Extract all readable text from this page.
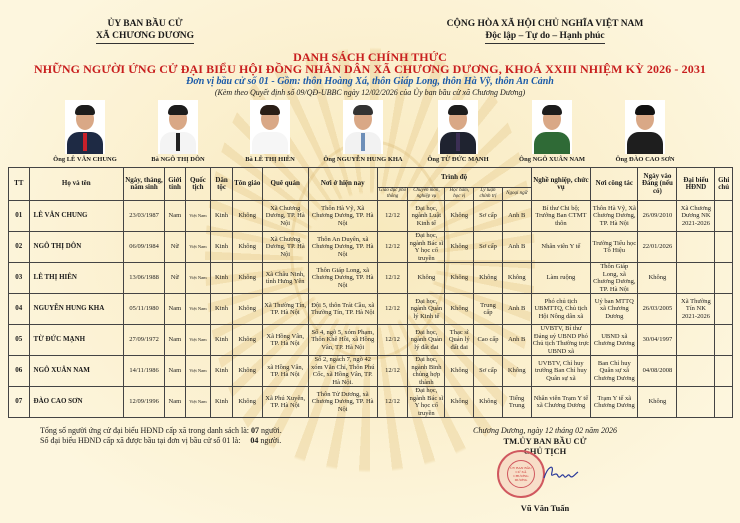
ỦY BAN BẦU CỬ
XÃ CHƯƠNG DƯƠNG
CỘNG HÒA XÃ HỘI CHỦ NGHĨA VIỆT NAM
Độc lập – Tự do – Hạnh phúc
DANH SÁCH CHÍNH THỨC
NHỮNG NGƯỜI ỨNG CỬ ĐẠI BIỂU HỘI ĐỒNG NHÂN DÂN XÃ CHƯƠNG DƯƠNG, KHOÁ XXIII NHIỆM KỲ 2026 - 2031
Đơn vị bầu cử số 01 - Gồm: thôn Hoàng Xá, thôn Giáp Long, thôn Hà Vỹ, thôn An Cảnh
(Kèm theo Quyết định số 09/QĐ-UBBC ngày 12/02/2026 của Ủy ban bầu cử xã Chương Dương)
Ông LÊ VĂN CHUNG	Bà NGÔ THỊ DÔN	Bà LÊ THỊ HIÊN	Ông NGUYỄN HUNG KHA	Ông TỪ ĐỨC MẠNH	Ông NGÔ XUÂN NAM	Ông ĐÀO CAO SƠN
TT	Họ và tên	Ngày, tháng, năm sinh	Giới tính	Quốc tịch	Dân tộc	Tôn giáo	Quê quán	Nơi ở hiện nay	Trình độ					Nghề nghiệp, chức vụ	Nơi công tác	Ngày vào Đảng (nếu có)	Đại biểu HĐND	Ghi chú
									Giáo dục phổ thông	Chuyên môn, nghiệp vụ	Học hàm, học vị	Lý luận chính trị	Ngoại ngữ					
01	LÊ VĂN CHUNG	23/03/1987	Nam	Việt Nam	Kinh	Không	Xã Chương Dương, TP. Hà Nội	Thôn Hà Vỹ, Xã Chương Dương, TP. Hà Nội	12/12	Đại học, ngành Luật Kinh tế	Không	Sơ cấp	Anh B	Bí thư Chi bộ; Trưởng Ban CTMT thôn	Thôn Hà Vỹ, Xã Chương Dương, TP. Hà Nội	26/09/2010	Xã Chương Dương NK 2021-2026	
02	NGÔ THỊ DÔN	06/09/1984	Nữ	Việt Nam	Kinh	Không	Xã Chương Dương, TP. Hà Nội	Thôn An Duyên, xã Chương Dương, TP. Hà Nội	12/12	Đại học, ngành Bác sĩ Y học cổ truyền	Không	Sơ cấp	Anh B	Nhân viên Y tế	Trường Tiểu học Tô Hiệu	22/01/2026		
03	LÊ THỊ HIÊN	13/06/1988	Nữ	Việt Nam	Kinh	Không	Xã Châu Ninh, tỉnh Hưng Yên	Thôn Giáp Long, xã Chương Dương, TP. Hà Nội	12/12	Không	Không	Không	Không	Làm ruộng	Thôn Giáp Long, xã Chương Dương, TP. Hà Nội	Không		
04	NGUYỄN HUNG KHA	05/11/1980	Nam	Việt Nam	Kinh	Không	Xã Thường Tín, TP. Hà Nội	Đội 5, thôn Trát Cầu, xã Thường Tín, TP. Hà Nội	12/12	Đại học, ngành Quản lý Kinh tế	Không	Trung cấp	Anh B	Phó chủ tịch UBMTTQ, Chủ tịch Hội Nông dân xã	Uỷ ban MTTQ xã Chương Dương	26/03/2005	Xã Thường Tín NK 2021-2026	
05	TỪ ĐỨC MẠNH	27/09/1972	Nam	Việt Nam	Kinh	Không	Xã Hồng Vân, TP. Hà Nội	Số 4, ngõ 5, xóm Phạm, Thôn Khê Hồi, xã Hồng Vân, TP. Hà Nội	12/12	Đại học, ngành Quản lý đất đai	Thạc sĩ Quản lý đất đai	Cao cấp	Anh B	UVBTV, Bí thư Đảng uỷ UBND Phó Chủ tịch Thường trực UBND xã	UBND xã Chương Dương	30/04/1997		
06	NGÔ XUÂN NAM	14/11/1986	Nam	Việt Nam	Kinh	Không	xã Hồng Vân, TP. Hà Nội	Số 2, ngách 7, ngõ 42 xóm Văn Chỉ, Thôn Phú Cốc, xã Hồng Vân, TP. Hà Nội.	12/12	Đại học, ngành Binh chủng hợp thành	Không	Sơ cấp	Không	UVBTV, Chỉ huy trưởng Ban Chỉ huy Quân sự xã	Ban Chỉ huy Quân sự xã Chương Dương	04/08/2008		
07	ĐÀO CAO SƠN	12/09/1996	Nam	Việt Nam	Kinh	Không	Xã Phú Xuyên, TP. Hà Nội	Thôn Tử Dương, xã Chương Dương, TP. Hà Nội	12/12	Đại học, ngành Bác sĩ Y học cổ truyền	Không	Không	Tiếng Trung	Nhân viên Trạm Y tế xã Chương Dương	Trạm Y tế xã Chương Dương	Không		
Tổng số người ứng cử đại biểu HĐND cấp xã trong danh sách là: 07 người.
Số đại biểu HĐND cấp xã được bầu tại đơn vị bầu cử số 01 là: 04 người.
Chương Dương, ngày 12 tháng 02 năm 2026
TM.ỦY BAN BẦU CỬ
CHỦ TỊCH
ỦY BAN BẦU CỬ XÃ CHƯƠNG DƯƠNG
Vũ Văn Tuấn
